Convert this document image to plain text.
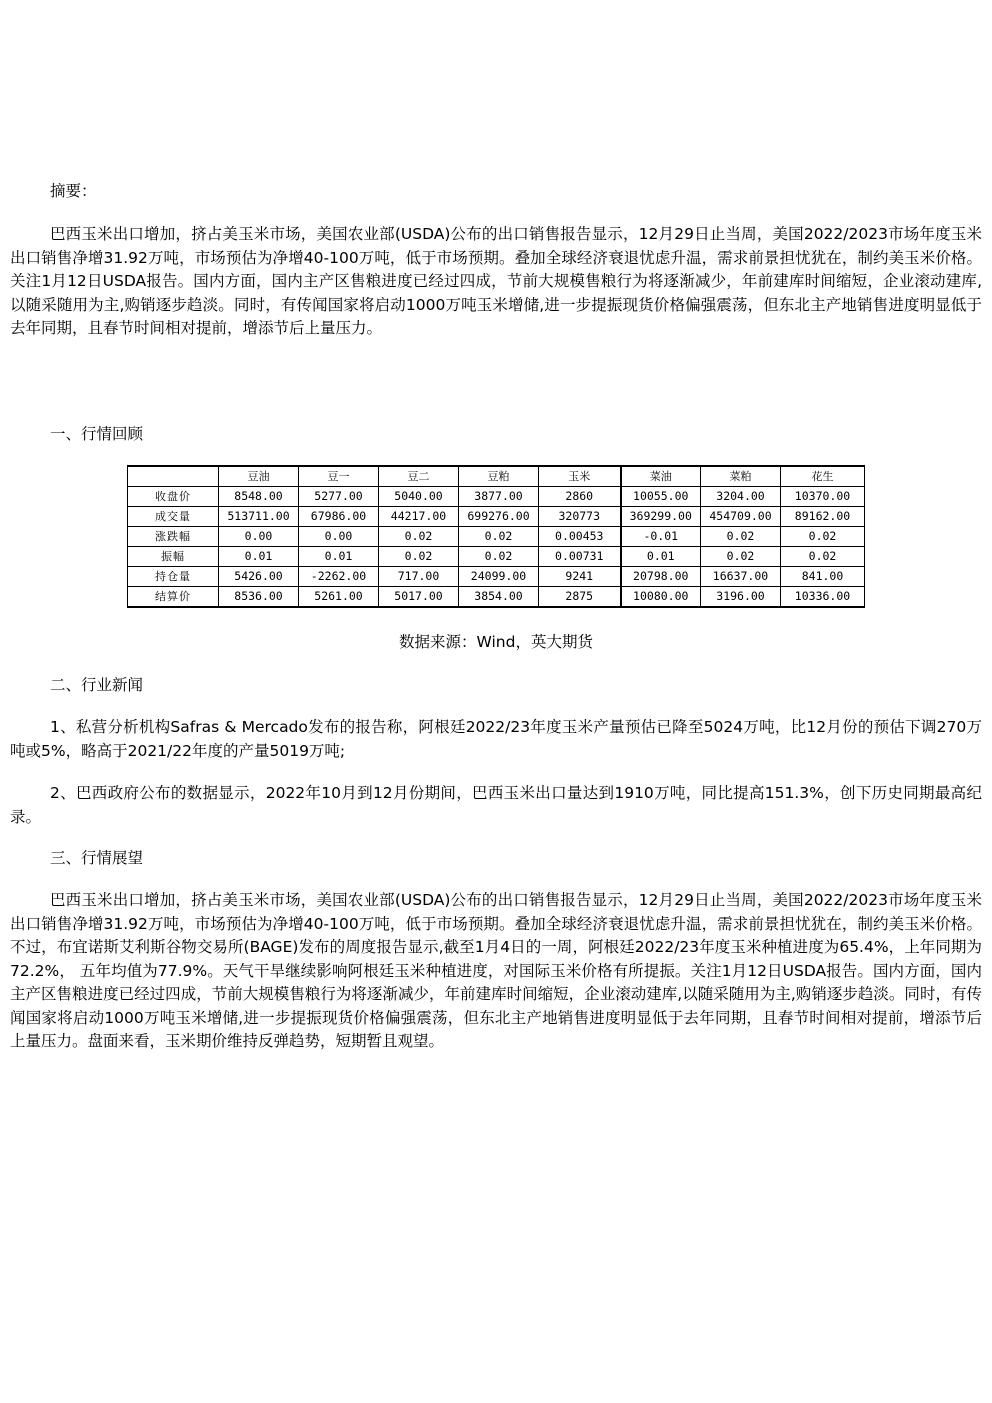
摘要：

巴西玉米出口增加，挤占美玉米市场，美国农业部(USDA)公布的出口销售报告显示，12月29日止当周，美国2022/2023市场年度玉米出口销售净增31.92万吨，市场预估为净增40-100万吨，低于市场预期。叠加全球经济衰退忧虑升温，需求前景担忧犹在，制约美玉米价格。关注1月12日USDA报告。国内方面，国内主产区售粮进度已经过四成，节前大规模售粮行为将逐渐减少，年前建库时间缩短，企业滚动建库,以随采随用为主,购销逐步趋淡。同时，有传闻国家将启动1000万吨玉米增储,进一步提振现货价格偏强震荡，但东北主产地销售进度明显低于去年同期，且春节时间相对提前，增添节后上量压力。

一、行情回顾

	豆油	豆一	豆二	豆粕	玉米	菜油	菜粕	花生
收盘价	8548.00	5277.00	5040.00	3877.00	2860	10055.00	3204.00	10370.00
成交量	513711.00	67986.00	44217.00	699276.00	320773	369299.00	454709.00	89162.00
涨跌幅	0.00	0.00	0.02	0.02	0.00453	-0.01	0.02	0.02
振幅	0.01	0.01	0.02	0.02	0.00731	0.01	0.02	0.02
持仓量	5426.00	-2262.00	717.00	24099.00	9241	20798.00	16637.00	841.00
结算价	8536.00	5261.00	5017.00	3854.00	2875	10080.00	3196.00	10336.00
数据来源：Wind，英大期货

二、行业新闻

1、私营分析机构Safras & Mercado发布的报告称，阿根廷2022/23年度玉米产量预估已降至5024万吨，比12月份的预估下调270万吨或5%，略高于2021/22年度的产量5019万吨;

2、巴西政府公布的数据显示，2022年10月到12月份期间，巴西玉米出口量达到1910万吨，同比提高151.3%，创下历史同期最高纪录。

三、行情展望

巴西玉米出口增加，挤占美玉米市场，美国农业部(USDA)公布的出口销售报告显示，12月29日止当周，美国2022/2023市场年度玉米出口销售净增31.92万吨，市场预估为净增40-100万吨，低于市场预期。叠加全球经济衰退忧虑升温，需求前景担忧犹在，制约美玉米价格。不过，布宜诺斯艾利斯谷物交易所(BAGE)发布的周度报告显示,截至1月4日的一周，阿根廷2022/23年度玉米种植进度为65.4%，上年同期为72.2%， 五年均值为77.9%。天气干旱继续影响阿根廷玉米种植进度，对国际玉米价格有所提振。关注1月12日USDA报告。国内方面，国内主产区售粮进度已经过四成，节前大规模售粮行为将逐渐减少，年前建库时间缩短，企业滚动建库,以随采随用为主,购销逐步趋淡。同时，有传闻国家将启动1000万吨玉米增储,进一步提振现货价格偏强震荡，但东北主产地销售进度明显低于去年同期，且春节时间相对提前，增添节后上量压力。盘面来看，玉米期价维持反弹趋势，短期暂且观望。
